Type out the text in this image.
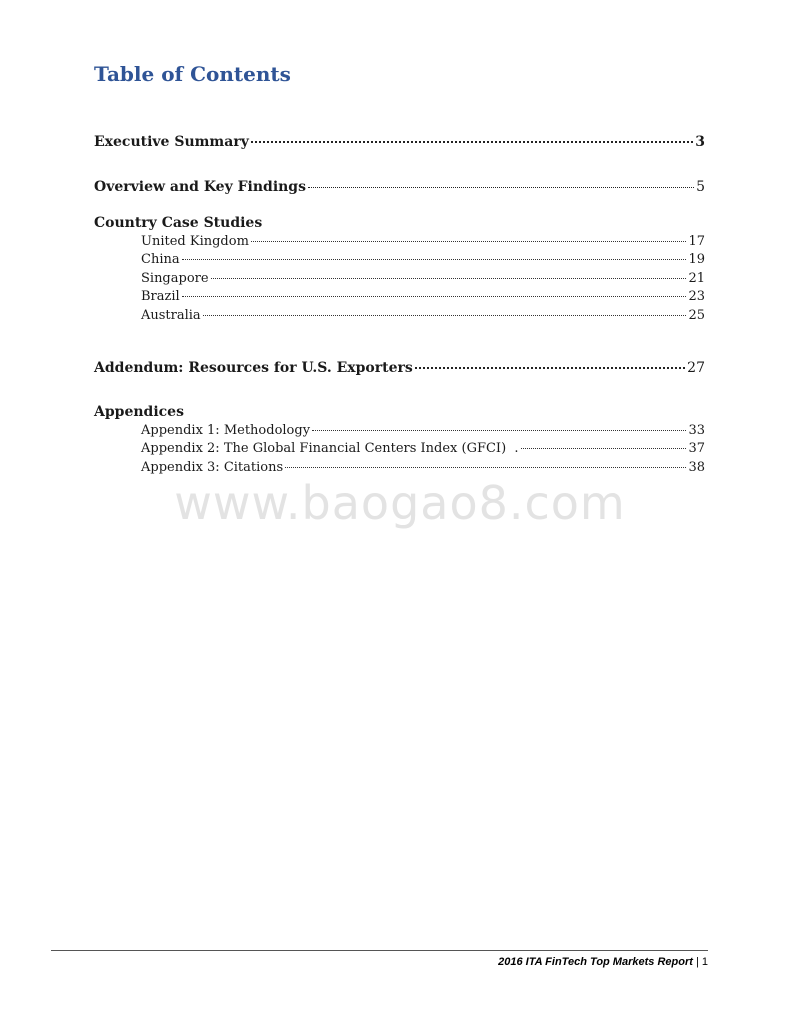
Table of Contents
Executive Summary	3
Overview and Key Findings	5
Country Case Studies
United Kingdom	17
China	19
Singapore	21
Brazil	23
Australia	25
Addendum: Resources for U.S. Exporters	27
Appendices
Appendix 1: Methodology	33
Appendix 2: The Global Financial Centers Index (GFCI)  .	37
Appendix 3: Citations	38
www.baogao8.com
2016 ITA FinTech Top Markets Report | 1
